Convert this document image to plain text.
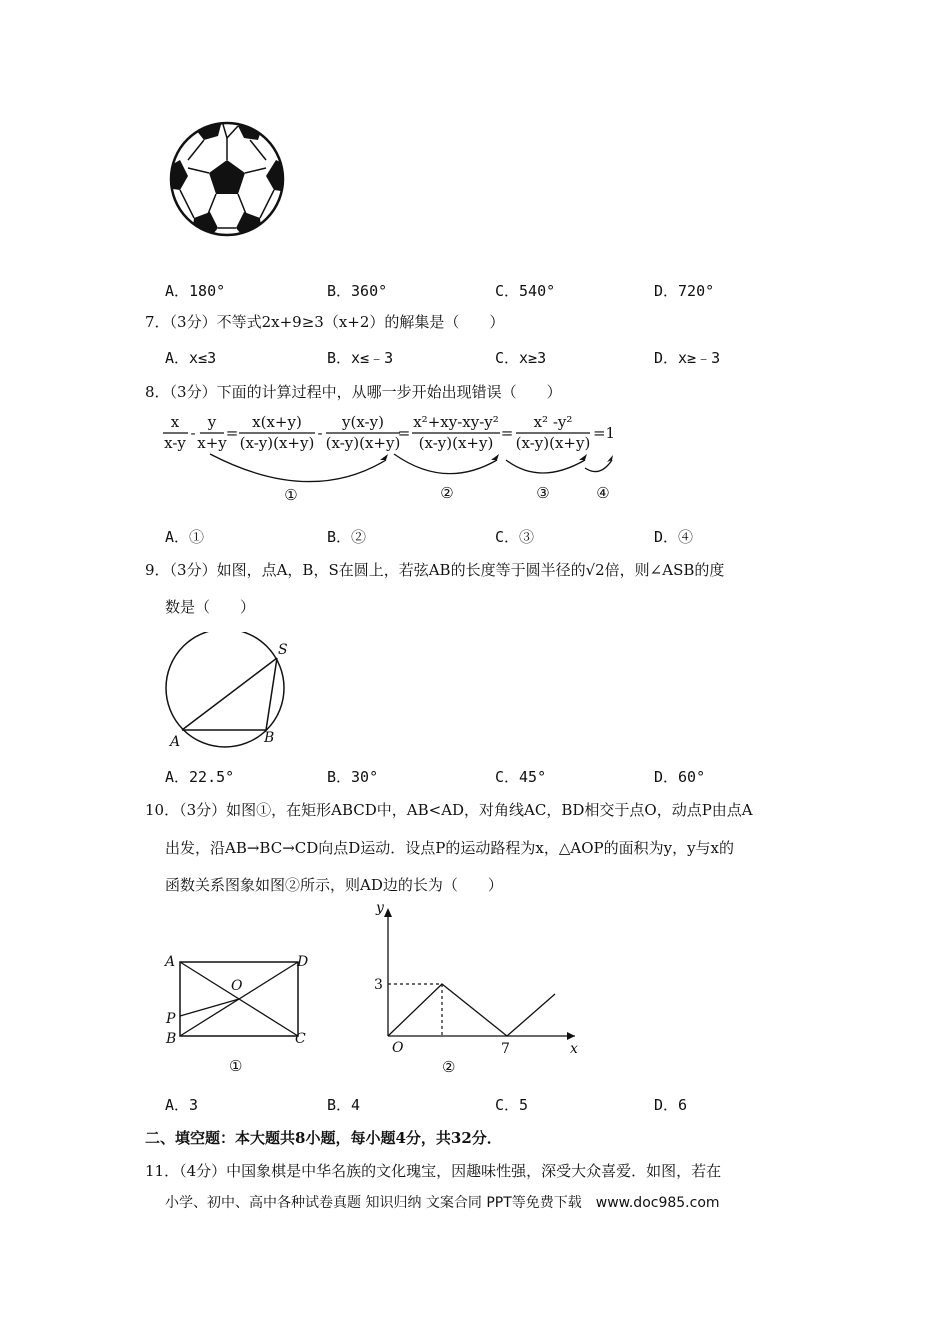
A．180°	B．360°	C．540°	D．720°
7．（3分）不等式2x+9≥3（x+2）的解集是（　　）
A．x≤3	B．x≤﹣3	C．x≥3	D．x≥﹣3
8．（3分）下面的计算过程中，从哪一步开始出现错误（　　）
x
x-y
-
y
x+y
=
x(x+y)
(x-y)(x+y)
-
y(x-y)
(x-y)(x+y)
=
x²+xy-xy-y²
(x-y)(x+y)
=
x² -y²
(x-y)(x+y)
=1
①	②	③	④
A．①	B．②	C．③	D．④
9．（3分）如图，点A，B，S在圆上，若弦AB的长度等于圆半径的√2倍，则∠ASB的度
数是（　　）
A	B
S
A．22.5°	B．30°	C．45°	D．60°
10．（3分）如图①，在矩形ABCD中，AB<AD，对角线AC，BD相交于点O，动点P由点A
出发，沿AB→BC→CD向点D运动．设点P的运动路程为x，△AOP的面积为y，y与x的
函数关系图象如图②所示，则AD边的长为（　　）
A	D
O
P
B	C
①
y
x
O
3
7
②
A．3	B．4	C．5	D．6
二、填空题：本大题共8小题，每小题4分，共32分．
11．（4分）中国象棋是中华名族的文化瑰宝，因趣味性强，深受大众喜爱．如图，若在
小学、初中、高中各种试卷真题 知识归纳 文案合同 PPT等免费下载　www.doc985.com
